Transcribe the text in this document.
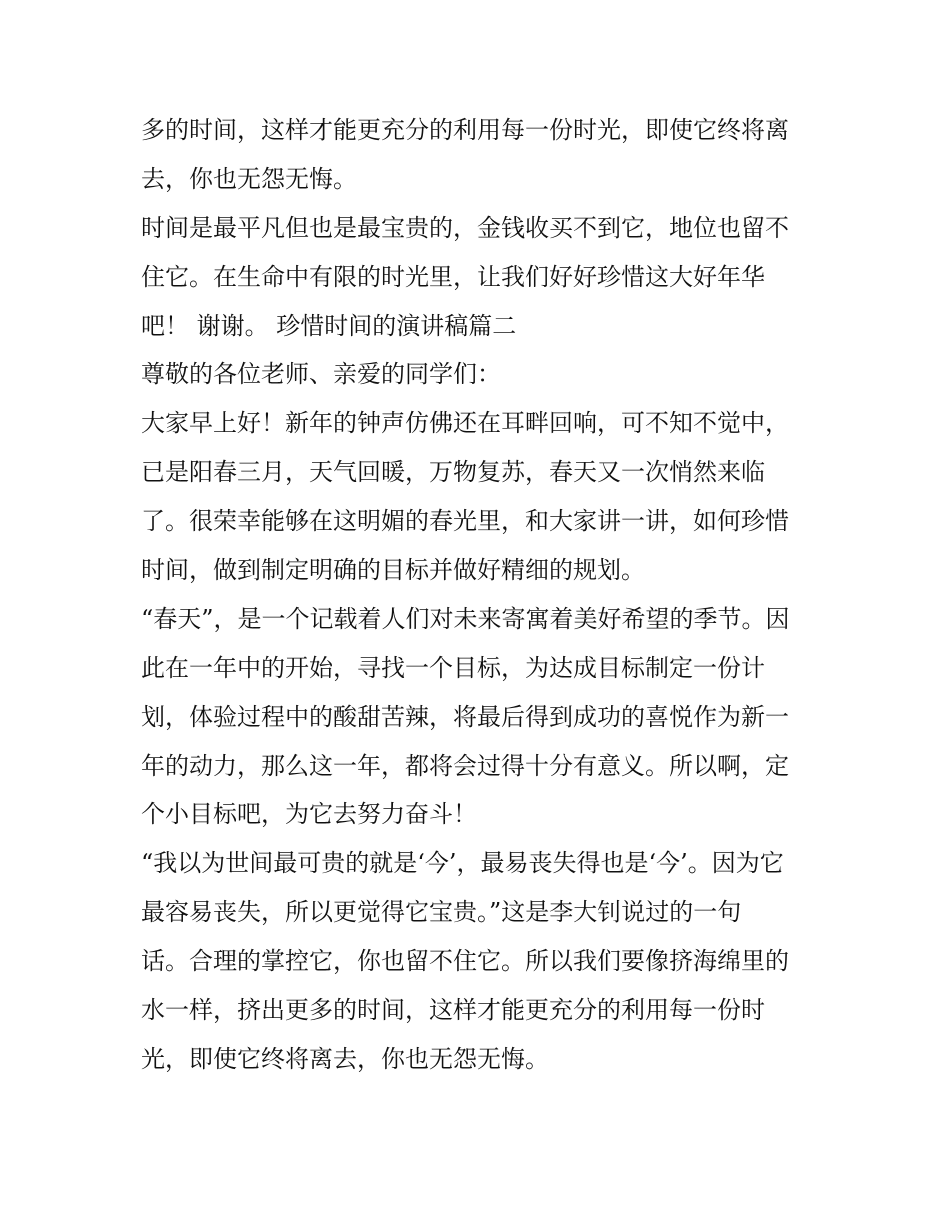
多的时间，这样才能更充分的利用每一份时光，即使它终将离
去，你也无怨无悔。
时间是最平凡但也是最宝贵的，金钱收买不到它，地位也留不
住它。在生命中有限的时光里，让我们好好珍惜这大好年华
吧！ 谢谢。 珍惜时间的演讲稿篇二
尊敬的各位老师、亲爱的同学们：
大家早上好！新年的钟声仿佛还在耳畔回响，可不知不觉中，
已是阳春三月，天气回暖，万物复苏，春天又一次悄然来临
了。很荣幸能够在这明媚的春光里，和大家讲一讲，如何珍惜
时间，做到制定明确的目标并做好精细的规划。
“春天”，是一个记载着人们对未来寄寓着美好希望的季节。因
此在一年中的开始，寻找一个目标，为达成目标制定一份计
划，体验过程中的酸甜苦辣，将最后得到成功的喜悦作为新一
年的动力，那么这一年，都将会过得十分有意义。所以啊，定
个小目标吧，为它去努力奋斗！
“我以为世间最可贵的就是‘今’，最易丧失得也是‘今’。因为它
最容易丧失，所以更觉得它宝贵。”这是李大钊说过的一句
话。合理的掌控它，你也留不住它。所以我们要像挤海绵里的
水一样，挤出更多的时间，这样才能更充分的利用每一份时
光，即使它终将离去，你也无怨无悔。
